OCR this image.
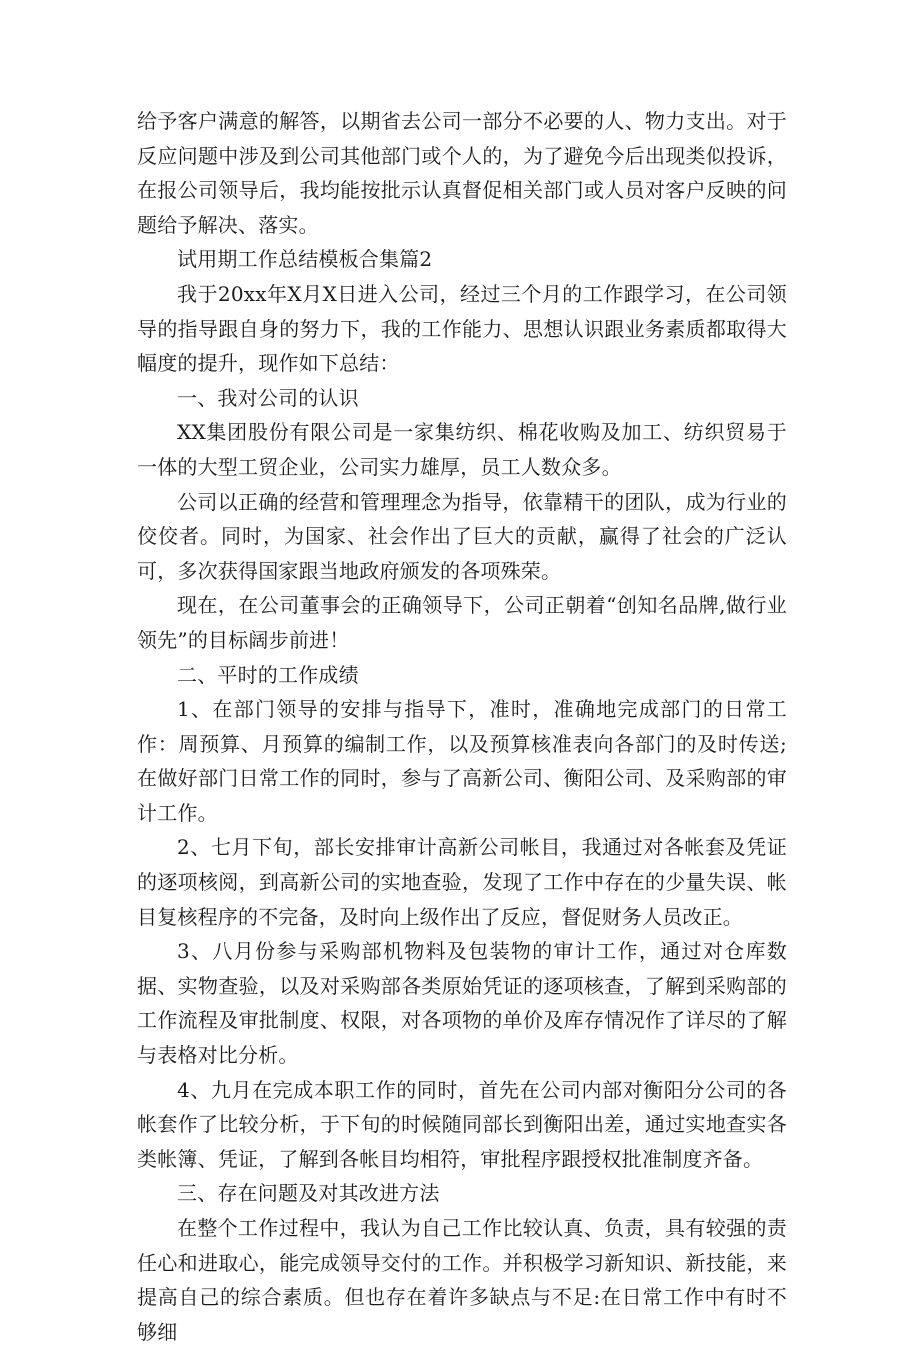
给予客户满意的解答，以期省去公司一部分不必要的人、物力支出。对于反应问题中涉及到公司其他部门或个人的，为了避免今后出现类似投诉，在报公司领导后，我均能按批示认真督促相关部门或人员对客户反映的问题给予解决、落实。

试用期工作总结模板合集篇2

我于20xx年X月X日进入公司，经过三个月的工作跟学习，在公司领导的指导跟自身的努力下，我的工作能力、思想认识跟业务素质都取得大幅度的提升，现作如下总结：

一、我对公司的认识

XX集团股份有限公司是一家集纺织、棉花收购及加工、纺织贸易于一体的大型工贸企业，公司实力雄厚，员工人数众多。

公司以正确的经营和管理理念为指导，依靠精干的团队，成为行业的佼佼者。同时，为国家、社会作出了巨大的贡献，赢得了社会的广泛认可，多次获得国家跟当地政府颁发的各项殊荣。

现在，在公司董事会的正确领导下，公司正朝着“创知名品牌,做行业领先”的目标阔步前进！

二、平时的工作成绩

1、在部门领导的安排与指导下，准时，准确地完成部门的日常工作：周预算、月预算的编制工作，以及预算核准表向各部门的及时传送;在做好部门日常工作的同时，参与了高新公司、衡阳公司、及采购部的审计工作。

2、七月下旬，部长安排审计高新公司帐目，我通过对各帐套及凭证的逐项核阅，到高新公司的实地查验，发现了工作中存在的少量失误、帐目复核程序的不完备，及时向上级作出了反应，督促财务人员改正。

3、八月份参与采购部机物料及包装物的审计工作，通过对仓库数据、实物查验，以及对采购部各类原始凭证的逐项核查，了解到采购部的工作流程及审批制度、权限，对各项物的单价及库存情况作了详尽的了解与表格对比分析。

4、九月在完成本职工作的同时，首先在公司内部对衡阳分公司的各帐套作了比较分析，于下旬的时候随同部长到衡阳出差，通过实地查实各类帐簿、凭证，了解到各帐目均相符，审批程序跟授权批准制度齐备。

三、存在问题及对其改进方法

在整个工作过程中，我认为自己工作比较认真、负责，具有较强的责任心和进取心，能完成领导交付的工作。并积极学习新知识、新技能，来提高自己的综合素质。但也存在着许多缺点与不足:在日常工作中有时不够细
